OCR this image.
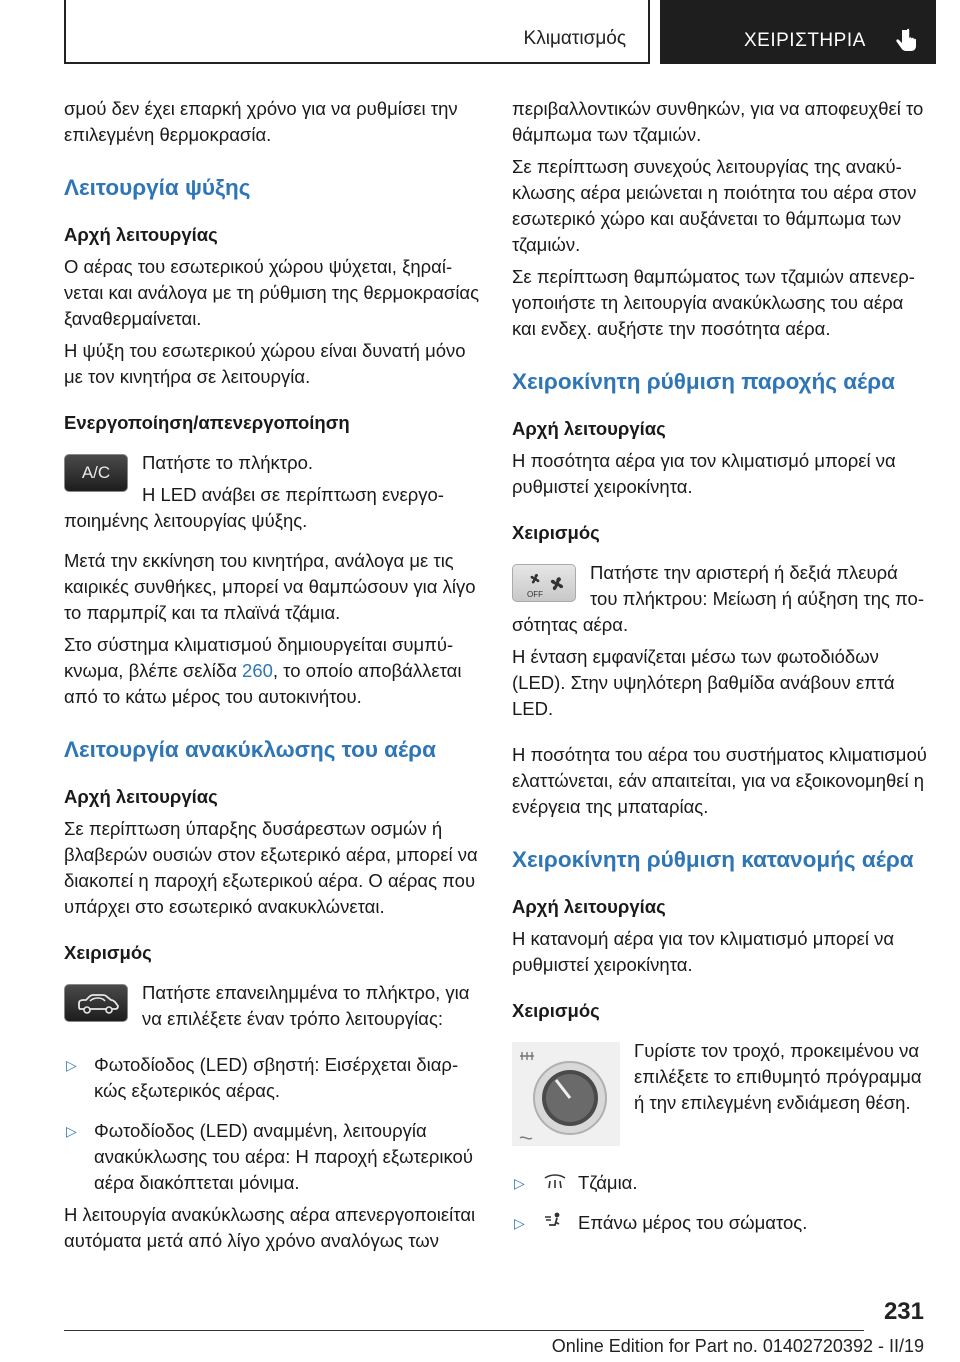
Κλιματισμός	ΧΕΙΡΙΣΤΗΡΙΑ

σμού δεν έχει επαρκή χρόνο για να ρυθμίσει την επιλεγμένη θερμοκρασία.

Λειτουργία ψύξης
Αρχή λειτουργίας

Ο αέρας του εσωτερικού χώρου ψύχεται, ξηραίνεται και ανάλογα με τη ρύθμιση της θερμοκρασίας ξαναθερμαίνεται.

Η ψύξη του εσωτερικού χώρου είναι δυνατή μόνο με τον κινητήρα σε λειτουργία.

Ενεργοποίηση/απενεργοποίηση
A/C	Πατήστε το πλήκτρο.

Η LED ανάβει σε περίπτωση ενεργοποιημένης λειτουργίας ψύξης.

Μετά την εκκίνηση του κινητήρα, ανάλογα με τις καιρικές συνθήκες, μπορεί να θαμπώσουν για λίγο το παρμπρίζ και τα πλαϊνά τζάμια.

Στο σύστημα κλιματισμού δημιουργείται συμπύκνωμα, βλέπε σελίδα 260, το οποίο αποβάλλεται από το κάτω μέρος του αυτοκινήτου.

Λειτουργία ανακύκλωσης του αέρα
Αρχή λειτουργίας

Σε περίπτωση ύπαρξης δυσάρεστων οσμών ή βλαβερών ουσιών στον εξωτερικό αέρα, μπορεί να διακοπεί η παροχή εξωτερικού αέρα. Ο αέρας που υπάρχει στο εσωτερικό ανακυκλώνεται.

Χειρισμός

Πατήστε επανειλημμένα το πλήκτρο, για να επιλέξετε έναν τρόπο λειτουργίας:

▷ Φωτοδίοδος (LED) σβηστή: Εισέρχεται διαρκώς εξωτερικός αέρας.
▷ Φωτοδίοδος (LED) αναμμένη, λειτουργία ανακύκλωσης του αέρα: Η παροχή εξωτερικού αέρα διακόπτεται μόνιμα.

Η λειτουργία ανακύκλωσης αέρα απενεργοποιείται αυτόματα μετά από λίγο χρόνο αναλόγως των

περιβαλλοντικών συνθηκών, για να αποφευχθεί το θάμπωμα των τζαμιών.

Σε περίπτωση συνεχούς λειτουργίας της ανακύκλωσης αέρα μειώνεται η ποιότητα του αέρα στον εσωτερικό χώρο και αυξάνεται το θάμπωμα των τζαμιών.

Σε περίπτωση θαμπώματος των τζαμιών απενεργοποιήστε τη λειτουργία ανακύκλωσης του αέρα και ενδεχ. αυξήστε την ποσότητα αέρα.

Χειροκίνητη ρύθμιση παροχής αέρα
Αρχή λειτουργίας

Η ποσότητα αέρα για τον κλιματισμό μπορεί να ρυθμιστεί χειροκίνητα.

Χειρισμός
OFF

Πατήστε την αριστερή ή δεξιά πλευρά του πλήκτρου: Μείωση ή αύξηση της ποσότητας αέρα.

Η ένταση εμφανίζεται μέσω των φωτοδιόδων (LED). Στην υψηλότερη βαθμίδα ανάβουν επτά LED.

Η ποσότητα του αέρα του συστήματος κλιματισμού ελαττώνεται, εάν απαιτείται, για να εξοικονομηθεί η ενέργεια της μπαταρίας.

Χειροκίνητη ρύθμιση κατανομής αέρα
Αρχή λειτουργίας

Η κατανομή αέρα για τον κλιματισμό μπορεί να ρυθμιστεί χειροκίνητα.

Χειρισμός

Γυρίστε τον τροχό, προκειμένου να επιλέξετε το επιθυμητό πρόγραμμα ή την επιλεγμένη ενδιάμεση θέση.

▷	Τζάμια.
▷	Επάνω μέρος του σώματος.
231
Online Edition for Part no. 01402720392 - II/19
